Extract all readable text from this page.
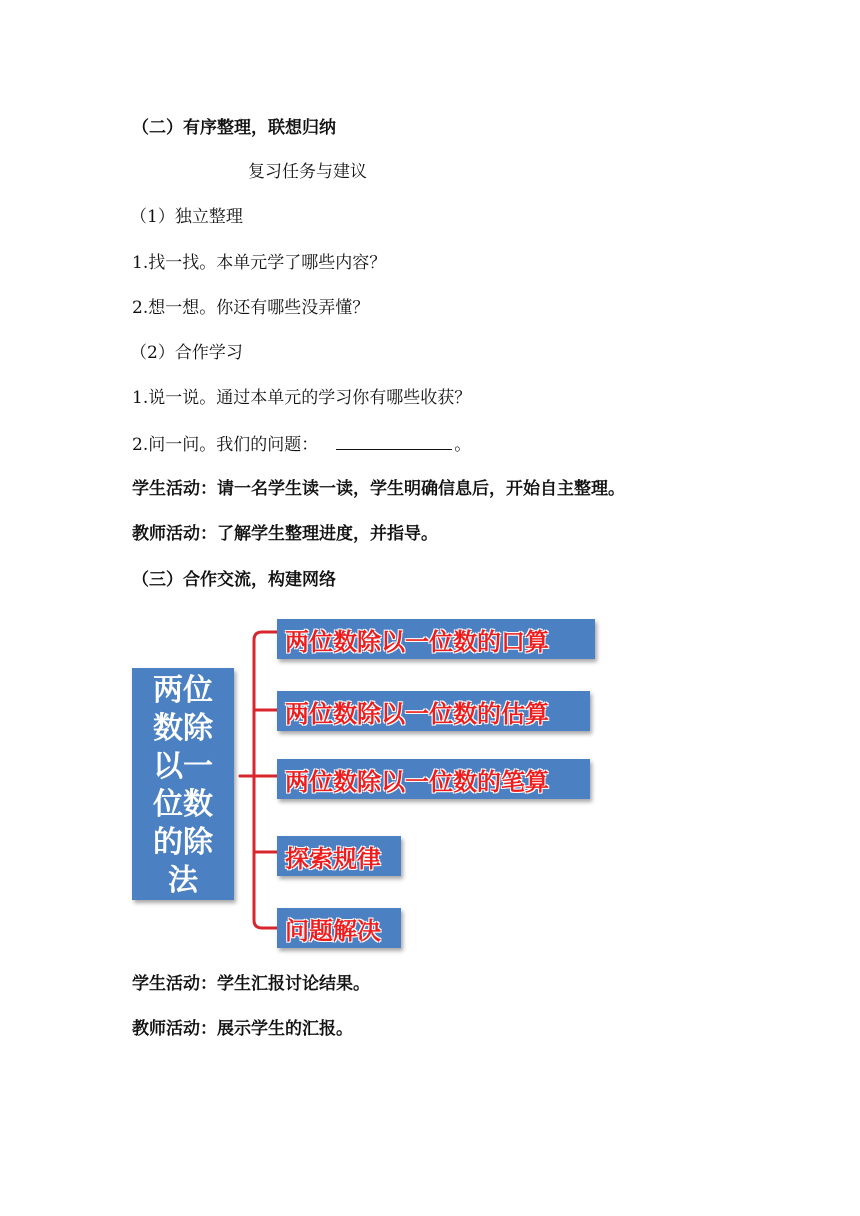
（二）有序整理，联想归纳
复习任务与建议
（1）独立整理
1.找一找。本单元学了哪些内容？
2.想一想。你还有哪些没弄懂？
（2）合作学习
1.说一说。通过本单元的学习你有哪些收获？
2.问一问。我们的问题：	。
学生活动：请一名学生读一读，学生明确信息后，开始自主整理。
教师活动：了解学生整理进度，并指导。
（三）合作交流，构建网络
两位
数除
以一
位数
的除
法
两位数除以一位数的口算
两位数除以一位数的估算
两位数除以一位数的笔算
探索规律
问题解决
学生活动：学生汇报讨论结果。
教师活动：展示学生的汇报。
